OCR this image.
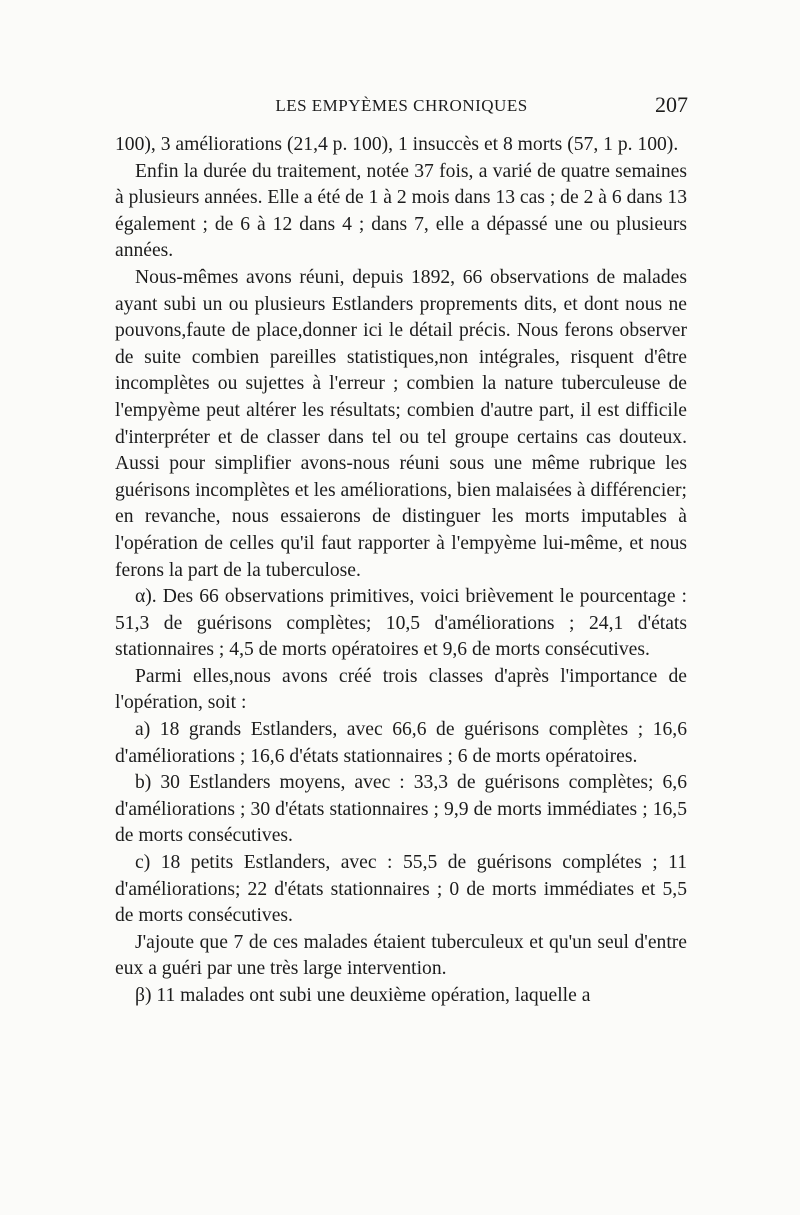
LES EMPYÈMES CHRONIQUES	207

100), 3 améliorations (21,4 p. 100), 1 insuccès et 8 morts (57, 1 p. 100).

Enfin la durée du traitement, notée 37 fois, a varié de quatre semaines à plusieurs années. Elle a été de 1 à 2 mois dans 13 cas ; de 2 à 6 dans 13 également ; de 6 à 12 dans 4 ; dans 7, elle a dépassé une ou plusieurs années.

Nous-mêmes avons réuni, depuis 1892, 66 observations de malades ayant subi un ou plusieurs Estlanders proprements dits, et dont nous ne pouvons,faute de place,donner ici le détail précis. Nous ferons observer de suite combien pareilles statistiques,non intégrales, risquent d'être incomplètes ou sujettes à l'erreur ; combien la nature tuberculeuse de l'empyème peut altérer les résultats; combien d'autre part, il est difficile d'interpréter et de classer dans tel ou tel groupe certains cas douteux. Aussi pour simplifier avons-nous réuni sous une même rubrique les guérisons incomplètes et les améliorations, bien malaisées à différencier; en revanche, nous essaierons de distinguer les morts imputables à l'opération de celles qu'il faut rapporter à l'empyème lui-même, et nous ferons la part de la tuberculose.

α). Des 66 observations primitives, voici brièvement le pourcentage : 51,3 de guérisons complètes; 10,5 d'améliorations ; 24,1 d'états stationnaires ; 4,5 de morts opératoires et 9,6 de morts consécutives.

Parmi elles,nous avons créé trois classes d'après l'importance de l'opération, soit :

a) 18 grands Estlanders, avec 66,6 de guérisons complètes ; 16,6 d'améliorations ; 16,6 d'états stationnaires ; 6 de morts opératoires.

b) 30 Estlanders moyens, avec : 33,3 de guérisons complètes; 6,6 d'améliorations ; 30 d'états stationnaires ; 9,9 de morts immédiates ; 16,5 de morts consécutives.

c) 18 petits Estlanders, avec : 55,5 de guérisons complétes ; 11 d'améliorations; 22 d'états stationnaires ; 0 de morts immédiates et 5,5 de morts consécutives.

J'ajoute que 7 de ces malades étaient tuberculeux et qu'un seul d'entre eux a guéri par une très large intervention.

β) 11 malades ont subi une deuxième opération, laquelle a
